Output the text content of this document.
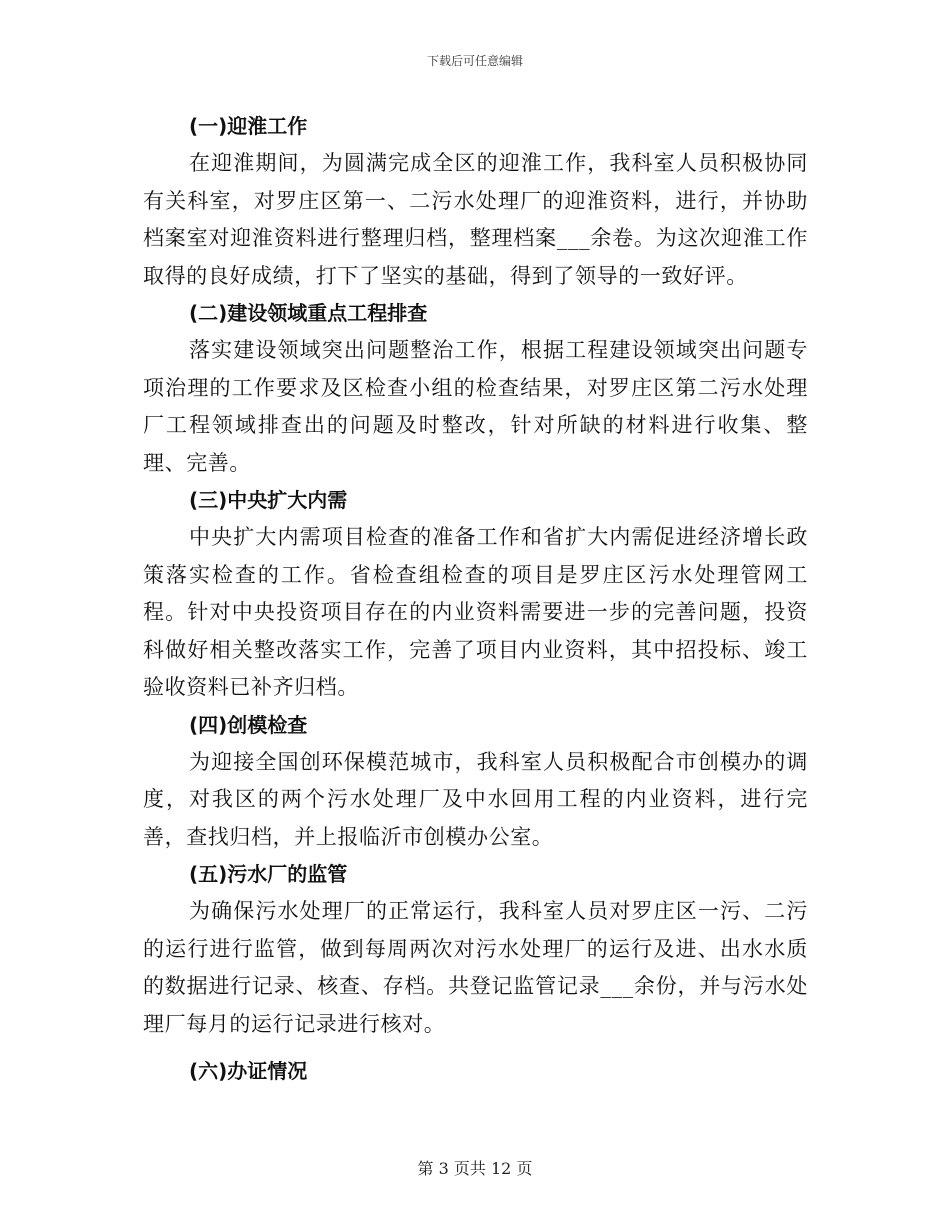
下载后可任意编辑
(一)迎淮工作

在迎淮期间，为圆满完成全区的迎淮工作，我科室人员积极协同有关科室，对罗庄区第一、二污水处理厂的迎淮资料，进行，并协助档案室对迎淮资料进行整理归档，整理档案___余卷。为这次迎淮工作取得的良好成绩，打下了坚实的基础，得到了领导的一致好评。

(二)建设领域重点工程排查

落实建设领域突出问题整治工作，根据工程建设领域突出问题专项治理的工作要求及区检查小组的检查结果，对罗庄区第二污水处理厂工程领域排查出的问题及时整改，针对所缺的材料进行收集、整理、完善。

(三)中央扩大内需

中央扩大内需项目检查的准备工作和省扩大内需促进经济增长政策落实检查的工作。省检查组检查的项目是罗庄区污水处理管网工程。针对中央投资项目存在的内业资料需要进一步的完善问题，投资科做好相关整改落实工作，完善了项目内业资料，其中招投标、竣工验收资料已补齐归档。

(四)创模检查

为迎接全国创环保模范城市，我科室人员积极配合市创模办的调度，对我区的两个污水处理厂及中水回用工程的内业资料，进行完善，查找归档，并上报临沂市创模办公室。

(五)污水厂的监管

为确保污水处理厂的正常运行，我科室人员对罗庄区一污、二污的运行进行监管，做到每周两次对污水处理厂的运行及进、出水水质的数据进行记录、核查、存档。共登记监管记录___余份，并与污水处理厂每月的运行记录进行核对。

(六)办证情况
第 3 页共 12 页
